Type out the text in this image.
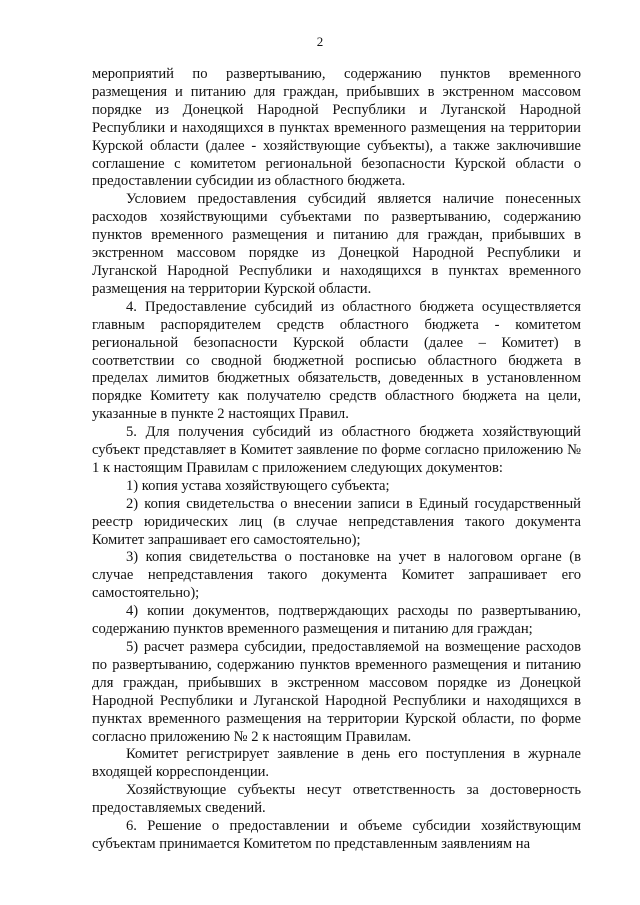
2

мероприятий по развертыванию, содержанию пунктов временного размещения и питанию для граждан, прибывших в экстренном массовом порядке из Донецкой Народной Республики и Луганской Народной Республики и находящихся в пунктах временного размещения на территории Курской области (далее - хозяйствующие субъекты), а также заключившие соглашение с комитетом региональной безопасности Курской области о предоставлении субсидии из областного бюджета.

Условием предоставления субсидий является наличие понесенных расходов хозяйствующими субъектами по развертыванию, содержанию пунктов временного размещения и питанию для граждан, прибывших в экстренном массовом порядке из Донецкой Народной Республики и Луганской Народной Республики и находящихся в пунктах временного размещения на территории Курской области.

4. Предоставление субсидий из областного бюджета осуществляется главным распорядителем средств областного бюджета - комитетом региональной безопасности Курской области (далее – Комитет) в соответствии со сводной бюджетной росписью областного бюджета в пределах лимитов бюджетных обязательств, доведенных в установленном порядке Комитету как получателю средств областного бюджета на цели, указанные в пункте 2 настоящих Правил.

5. Для получения субсидий из областного бюджета хозяйствующий субъект представляет в Комитет заявление по форме согласно приложению № 1 к настоящим Правилам с приложением следующих документов:

1) копия устава хозяйствующего субъекта;

2) копия свидетельства о внесении записи в Единый государственный реестр юридических лиц (в случае непредставления такого документа Комитет запрашивает его самостоятельно);

3) копия свидетельства о постановке на учет в налоговом органе (в случае непредставления такого документа Комитет запрашивает его самостоятельно);

4) копии документов, подтверждающих расходы по развертыванию, содержанию пунктов временного размещения и питанию для граждан;

5) расчет размера субсидии, предоставляемой на возмещение расходов по развертыванию, содержанию пунктов временного размещения и питанию для граждан, прибывших в экстренном массовом порядке из Донецкой Народной Республики и Луганской Народной Республики и находящихся в пунктах временного размещения на территории Курской области, по форме согласно приложению № 2 к настоящим Правилам.

Комитет регистрирует заявление в день его поступления в журнале входящей корреспонденции.

Хозяйствующие субъекты несут ответственность за достоверность предоставляемых сведений.

6. Решение о предоставлении и объеме субсидии хозяйствующим субъектам принимается Комитетом по представленным заявлениям на
